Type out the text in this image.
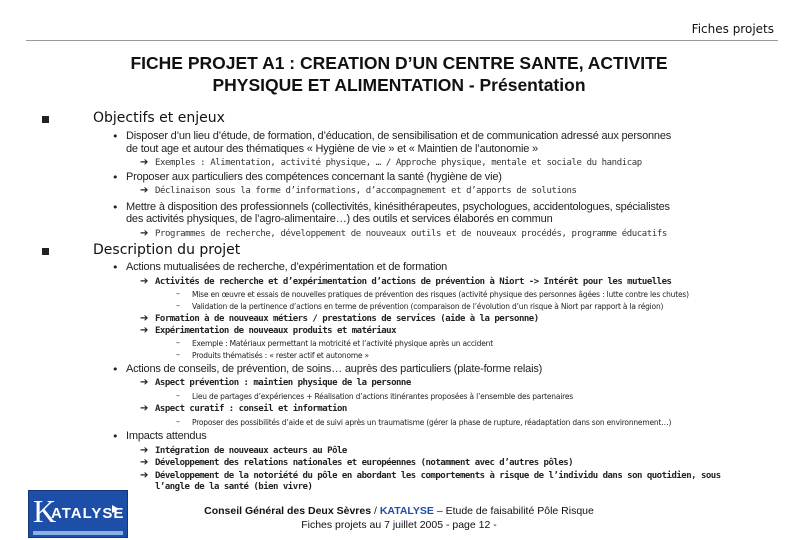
Fiches projets
FICHE PROJET A1 : CREATION D’UN CENTRE SANTE, ACTIVITE
PHYSIQUE ET ALIMENTATION - Présentation
Objectifs et enjeux
• Disposer d’un lieu d’étude, de formation, d’éducation, de sensibilisation et de communication adressé aux personnes
de tout age et autour des thématiques « Hygiène de vie » et « Maintien de l’autonomie »
➔ Exemples : Alimentation, activité physique, … / Approche physique, mentale et sociale du handicap
• Proposer aux particuliers des compétences concernant la santé (hygiène de vie)
➔ Déclinaison sous la forme d’informations, d’accompagnement et d’apports de solutions
• Mettre à disposition des professionnels (collectivités, kinésithérapeutes, psychologues, accidentologues, spécialistes
des activités physiques, de l’agro-alimentaire…) des outils et services élaborés en commun
➔ Programmes de recherche, développement de nouveaux outils et de nouveaux procédés, programme éducatifs
Description du projet
• Actions mutualisées de recherche, d’expérimentation et de formation
➔ Activités de recherche et d’expérimentation d’actions de prévention à Niort -> Intérêt pour les mutuelles
– Mise en œuvre et essais de nouvelles pratiques de prévention des risques (activité physique des personnes âgées : lutte contre les chutes)
– Validation de la pertinence d’actions en terme de prévention (comparaison de l’évolution d’un risque à Niort par rapport à la région)
➔ Formation à de nouveaux métiers / prestations de services (aide à la personne)
➔ Expérimentation de nouveaux produits et matériaux
– Exemple : Matériaux permettant la motricité et l’activité physique après un accident
– Produits thématisés : « rester actif et autonome »
• Actions de conseils, de prévention, de soins… auprès des particuliers (plate-forme relais)
➔ Aspect prévention : maintien physique de la personne
– Lieu de partages d’expériences + Réalisation d’actions itinérantes proposées à l’ensemble des partenaires
➔ Aspect curatif : conseil et information
– Proposer des possibilités d’aide et de suivi après un traumatisme (gérer la phase de rupture, réadaptation dans son environnement…)
• Impacts attendus
➔ Intégration de nouveaux acteurs au Pôle
➔ Développement des relations nationales et européennes (notamment avec d’autres pôles)
➔ Développement de la notoriété du pôle en abordant les comportements à risque de l’individu dans son quotidien, sous
l’angle de la santé (bien vivre)
K
ATALYSE	Conseil Général des Deux Sèvres / KATALYSE – Etude de faisabilité Pôle Risque
Fiches projets au 7 juillet 2005 - page 12 -
